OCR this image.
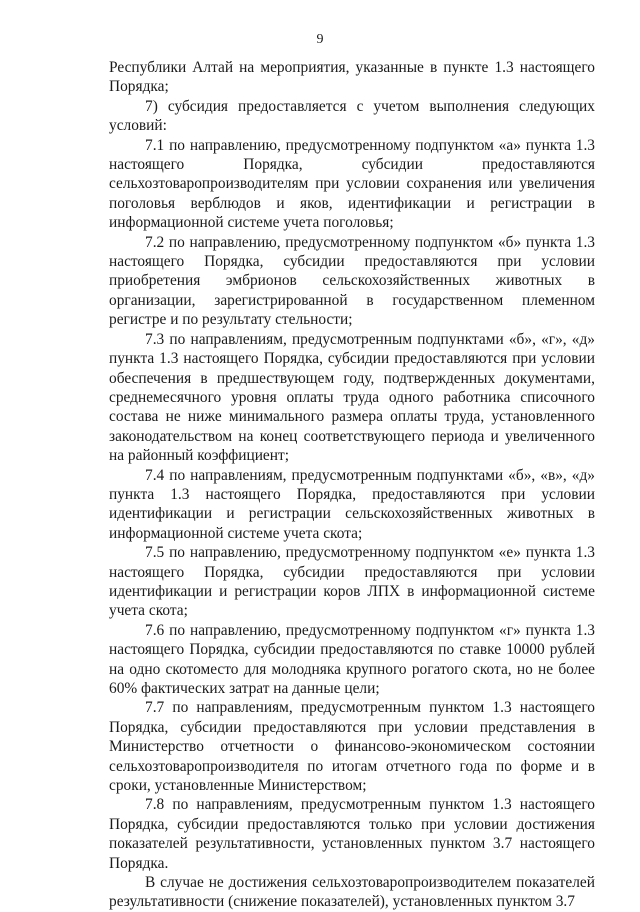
9

Республики Алтай на мероприятия, указанные в пункте 1.3 настоящего Порядка;

7) субсидия предоставляется с учетом выполнения следующих условий:

7.1 по направлению, предусмотренному подпунктом «а» пункта 1.3 настоящего Порядка, субсидии предоставляются сельхозтоваропроизводителям при условии сохранения или увеличения поголовья верблюдов и яков, идентификации и регистрации в информационной системе учета поголовья;

7.2 по направлению, предусмотренному подпунктом «б» пункта 1.3 настоящего Порядка, субсидии предоставляются при условии приобретения эмбрионов сельскохозяйственных животных в организации, зарегистрированной в государственном племенном регистре и по результату стельности;

7.3 по направлениям, предусмотренным подпунктами «б», «г», «д» пункта 1.3 настоящего Порядка, субсидии предоставляются при условии обеспечения в предшествующем году, подтвержденных документами, среднемесячного уровня оплаты труда одного работника списочного состава не ниже минимального размера оплаты труда, установленного законодательством на конец соответствующего периода и увеличенного на районный коэффициент;

7.4 по направлениям, предусмотренным подпунктами «б», «в», «д» пункта 1.3 настоящего Порядка, предоставляются при условии идентификации и регистрации сельскохозяйственных животных в информационной системе учета скота;

7.5 по направлению, предусмотренному подпунктом «е» пункта 1.3 настоящего Порядка, субсидии предоставляются при условии идентификации и регистрации коров ЛПХ в информационной системе учета скота;

7.6 по направлению, предусмотренному подпунктом «г» пункта 1.3 настоящего Порядка, субсидии предоставляются по ставке 10000 рублей на одно скотоместо для молодняка крупного рогатого скота, но не более 60% фактических затрат на данные цели;

7.7 по направлениям, предусмотренным пунктом 1.3 настоящего Порядка, субсидии предоставляются при условии представления в Министерство отчетности о финансово-экономическом состоянии сельхозтоваропроизводителя по итогам отчетного года по форме и в сроки, установленные Министерством;

7.8 по направлениям, предусмотренным пунктом 1.3 настоящего Порядка, субсидии предоставляются только при условии достижения показателей результативности, установленных пунктом 3.7 настоящего Порядка.

В случае не достижения сельхозтоваропроизводителем показателей результативности (снижение показателей), установленных пунктом 3.7
